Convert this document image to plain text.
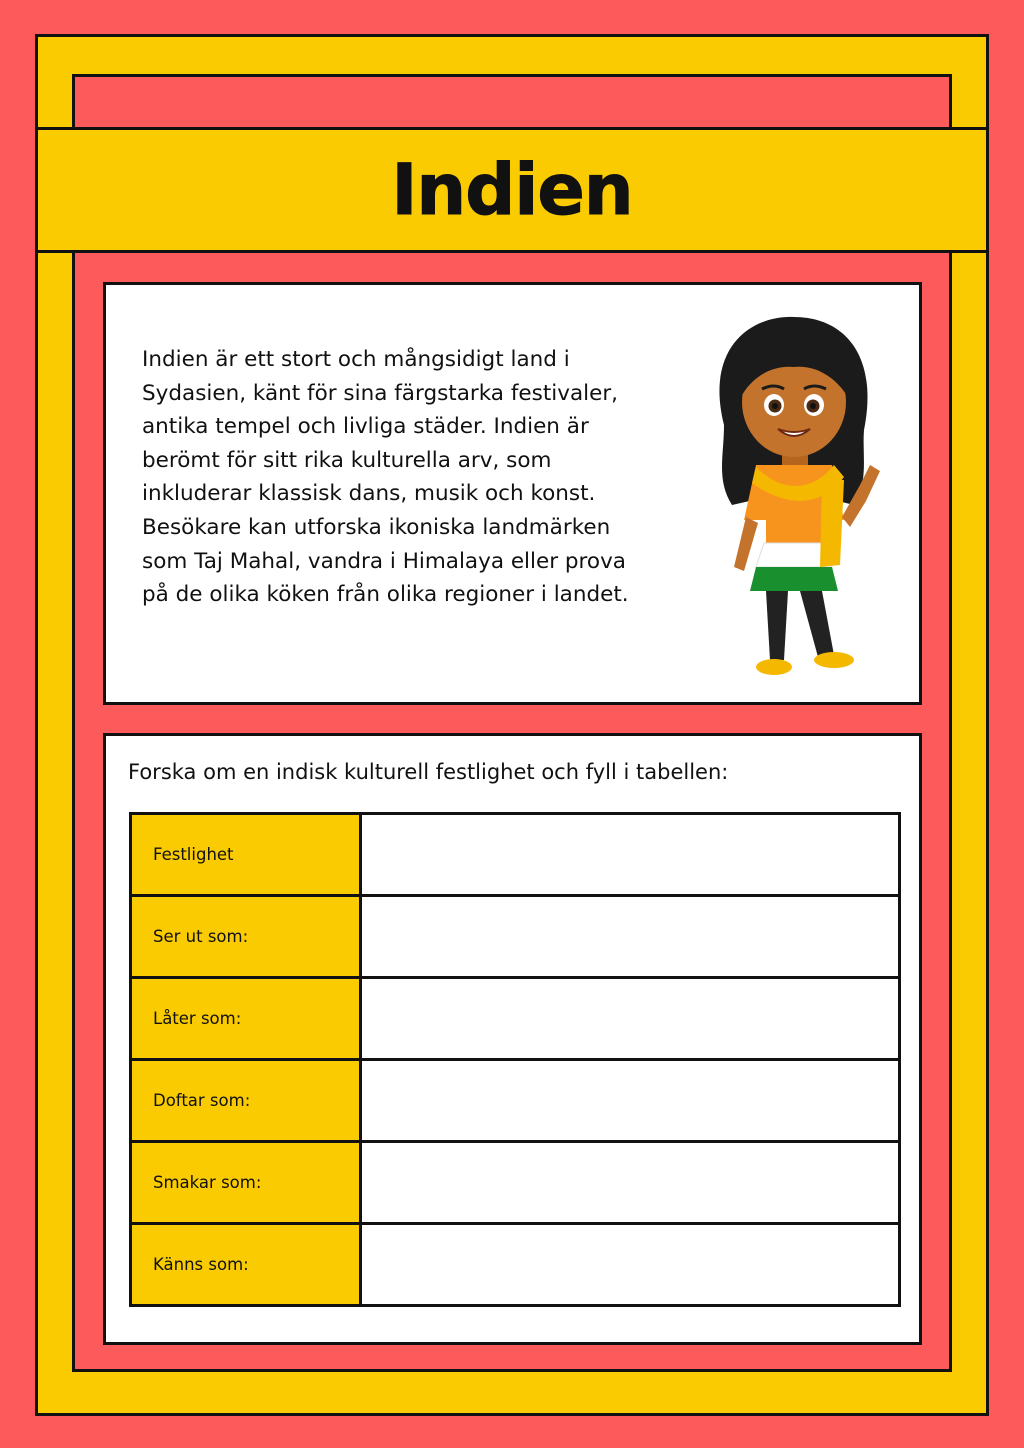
Indien

Indien är ett stort och mångsidigt land i Sydasien, känt för sina färgstarka festivaler, antika tempel och livliga städer. Indien är berömt för sitt rika kulturella arv, som inkluderar klassisk dans, musik och konst. Besökare kan utforska ikoniska landmärken som Taj Mahal, vandra i Himalaya eller prova på de olika köken från olika regioner i landet.

Forska om en indisk kulturell festlighet och fyll i tabellen:

Festlighet	
Ser ut som:	
Låter som:	
Doftar som:	
Smakar som:	
Känns som:	
